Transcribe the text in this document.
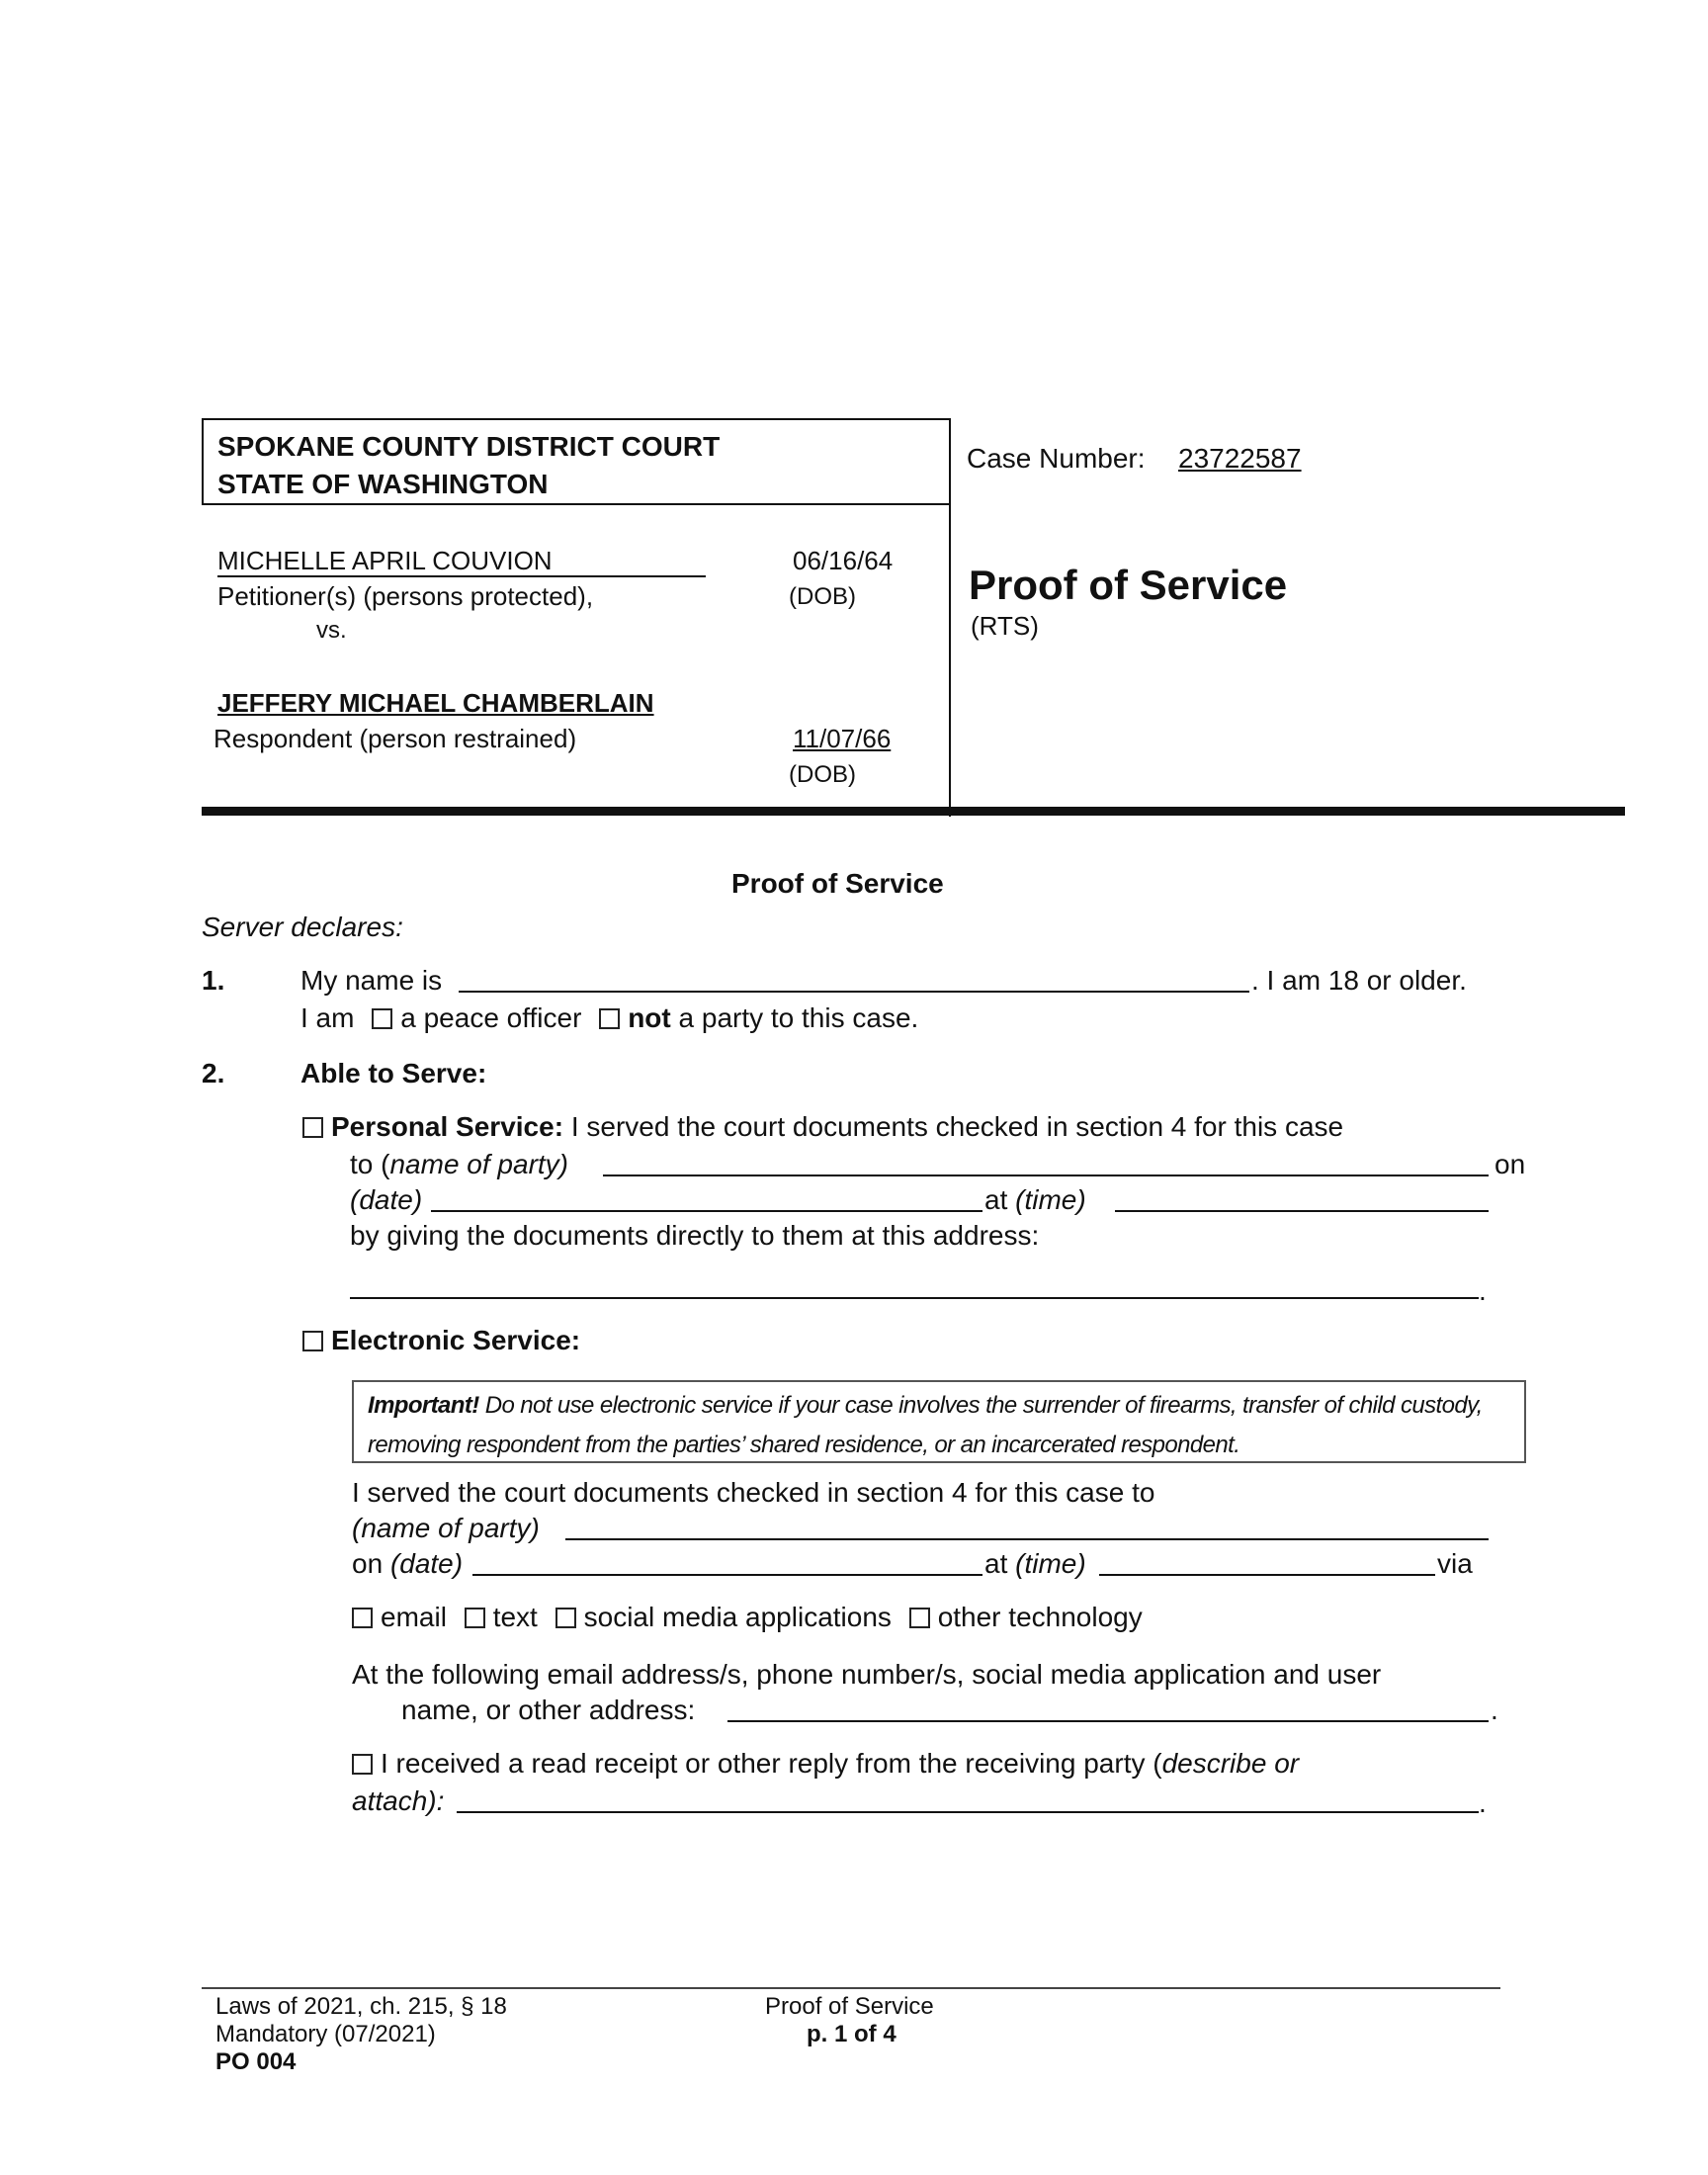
SPOKANE COUNTY DISTRICT COURT
STATE OF WASHINGTON
Case Number: 23722587
Proof of Service
(RTS)
MICHELLE APRIL COUVION	06/16/64
Petitioner(s) (persons protected),	(DOB)
vs.
JEFFERY MICHAEL CHAMBERLAIN
Respondent (person restrained)	11/07/66
(DOB)
Proof of Service
Server declares:
1.	My name is	. I am 18 or older.
I am a peace officer not a party to this case.
2.	Able to Serve:
Personal Service: I served the court documents checked in section 4 for this case
to (name of party)	on
(date)	at (time)
by giving the documents directly to them at this address:
.
Electronic Service:
Important! Do not use electronic service if your case involves the surrender of firearms, transfer of child custody, removing respondent from the parties’ shared residence, or an incarcerated respondent.
I served the court documents checked in section 4 for this case to
(name of party)
on (date)	at (time)	via
email text social media applications other technology
At the following email address/s, phone number/s, social media application and user
name, or other address:	.
I received a read receipt or other reply from the receiving party (describe or
attach):	.
Laws of 2021, ch. 215, § 18
Mandatory (07/2021)
PO 004
Proof of Service
p. 1 of 4
